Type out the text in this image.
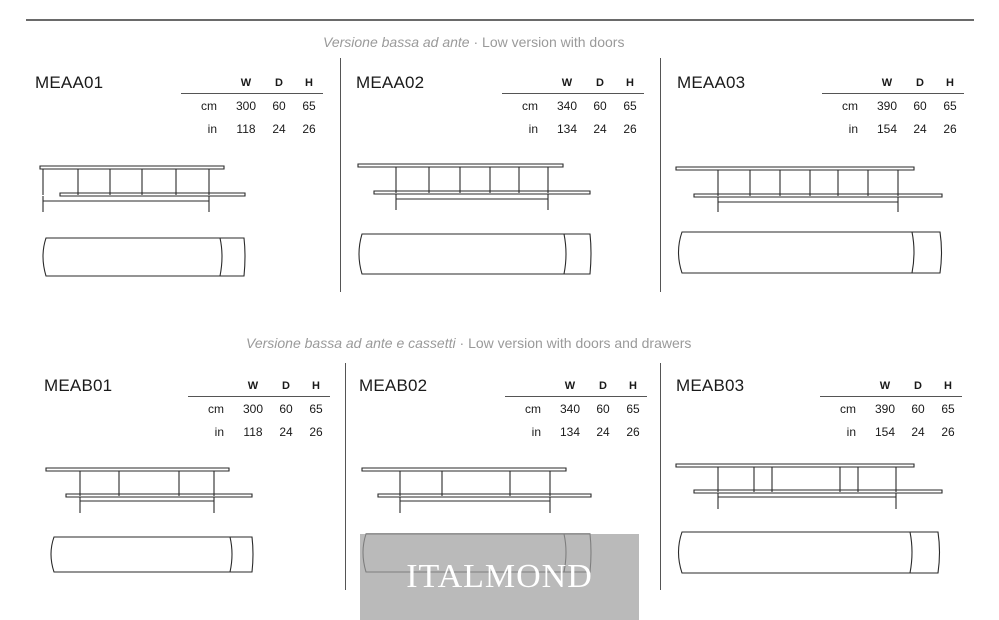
Versione bassa ad ante · Low version with doors
MEAA01
		W	D	H
cm	300	60	65
in	118	24	26
MEAA02
		W	D	H
cm	340	60	65
in	134	24	26
MEAA03
		W	D	H
cm	390	60	65
in	154	24	26
Versione bassa ad ante e cassetti · Low version with doors and drawers
MEAB01
		W	D	H
cm	300	60	65
in	118	24	26
MEAB02
		W	D	H
cm	340	60	65
in	134	24	26
MEAB03
		W	D	H
cm	390	60	65
in	154	24	26
ITALMOND
